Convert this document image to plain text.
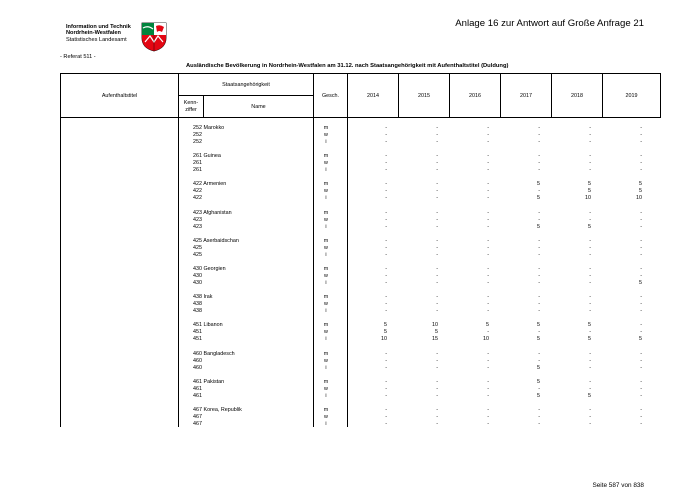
Information und Technik
Nordrhein-Westfalen
Statistisches Landesamt
Anlage 16 zur Antwort auf Große Anfrage 21
- Referat 511 -
Ausländische Bevölkerung in Nordrhein-Westfalen am 31.12. nach Staatsangehörigkeit mit Aufenthaltstitel (Duldung)
Aufenthaltstitel	Staatsangehörigkeit		Gesch.	2014	2015	2016	2017	2018	2019
	Kenn-
ziffer	Name							
252 Marokko	m	-	-	-	-	-	-
252	w	-	-	-	-	-	-
252	i	-	-	-	-	-	-
261 Guinea	m	-	-	-	-	-	-
261	w	-	-	-	-	-	-
261	i	-	-	-	-	-	-
422 Armenien	m	-	-	-	5	5	5
422	w	-	-	-	-	5	5
422	i	-	-	-	5	10	10
423 Afghanistan	m	-	-	-	-	-	-
423	w	-	-	-	-	-	-
423	i	-	-	-	5	5	-
425 Aserbaidschan	m	-	-	-	-	-	-
425	w	-	-	-	-	-	-
425	i	-	-	-	-	-	-
430 Georgien	m	-	-	-	-	-	-
430	w	-	-	-	-	-	-
430	i	-	-	-	-	-	5
438 Irak	m	-	-	-	-	-	-
438	w	-	-	-	-	-	-
438	i	-	-	-	-	-	-
451 Libanon	m	5	10	5	5	5	-
451	w	5	5	-	-	-	-
451	i	10	15	10	5	5	5
460 Bangladesch	m	-	-	-	-	-	-
460	w	-	-	-	-	-	-
460	i	-	-	-	5	-	-
461 Pakistan	m	-	-	-	5	-	-
461	w	-	-	-	-	-	-
461	i	-	-	-	5	5	-
467 Korea, Republik	m	-	-	-	-	-	-
467	w	-	-	-	-	-	-
467	i	-	-	-	-	-	-
Seite 587 von 838
